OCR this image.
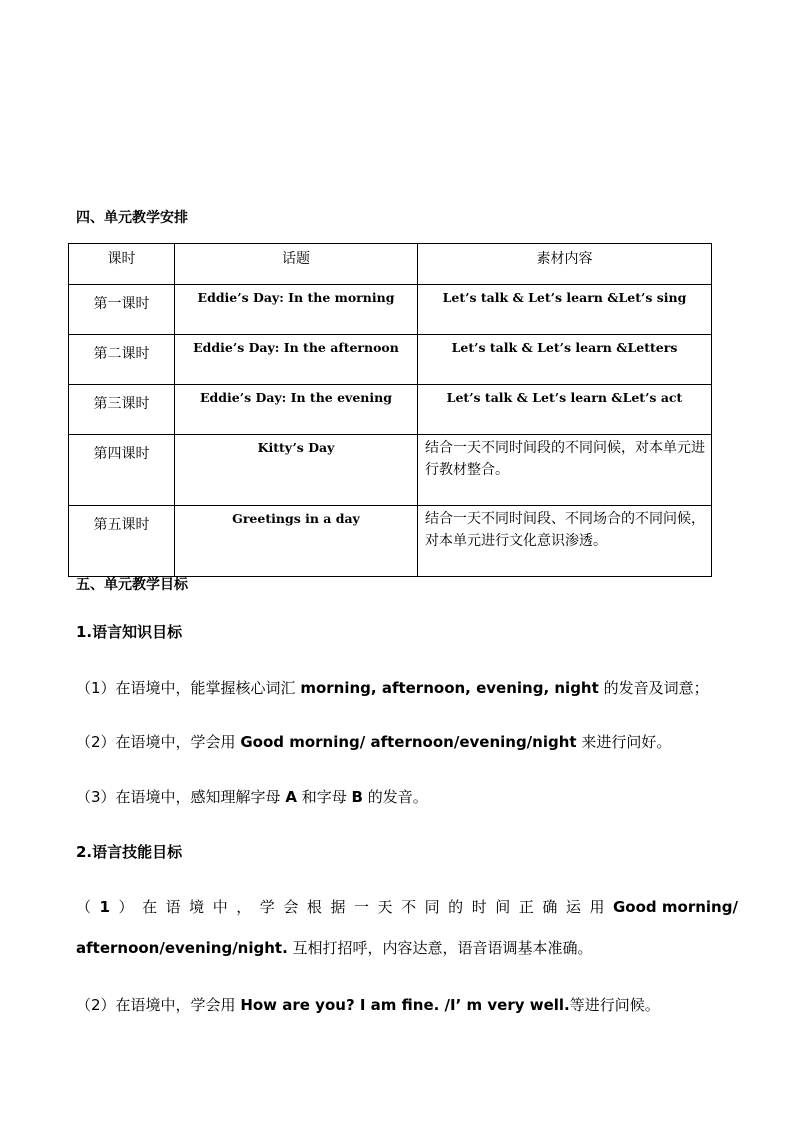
四、单元教学安排
课时	话题	素材内容
第一课时	Eddie’s Day: In the morning	Let’s talk & Let’s learn &Let’s sing
第二课时	Eddie’s Day: In the afternoon	Let’s talk & Let’s learn &Letters
第三课时	Eddie’s Day: In the evening	Let’s talk & Let’s learn &Let’s act
第四课时	Kitty’s Day	结合一天不同时间段的不同问候，对本单元进行教材整合。
第五课时	Greetings in a day	结合一天不同时间段、不同场合的不同问候，对本单元进行文化意识渗透。
五、单元教学目标
1.语言知识目标
（1）在语境中，能掌握核心词汇 morning, afternoon, evening, night 的发音及词意；
（2）在语境中，学会用 Good morning/ afternoon/evening/night 来进行问好。
（3）在语境中，感知理解字母 A 和字母 B 的发音。
2.语言技能目标
（ 1 ） 在 语 境 中 ， 学 会 根 据 一 天 不 同 的 时 间 正 确 运 用 Good morning/
afternoon/evening/night. 互相打招呼，内容达意，语音语调基本准确。
（2）在语境中，学会用 How are you? I am fine. /I’ m very well.等进行问候。
